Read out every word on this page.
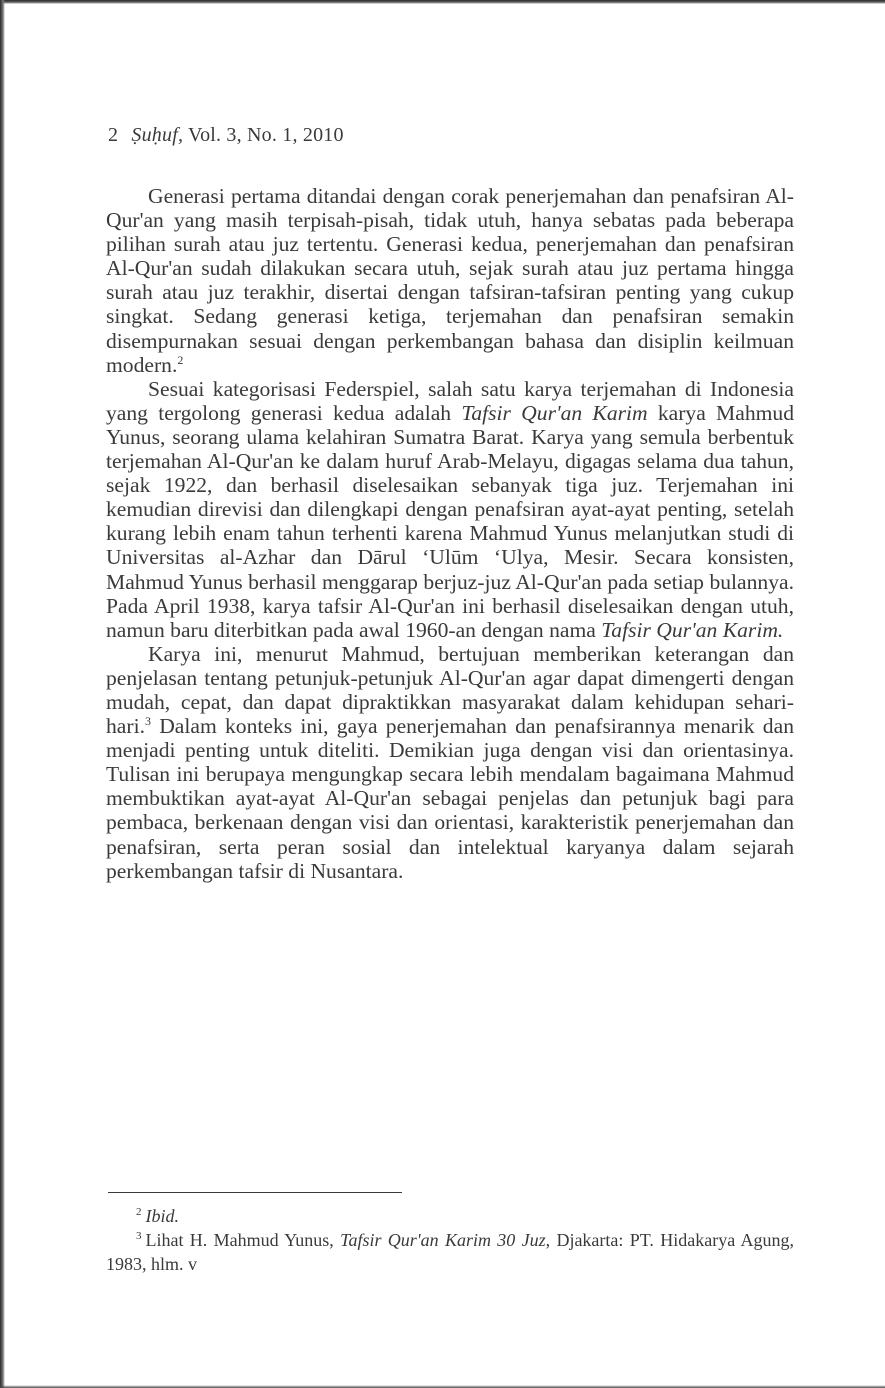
2 Ṣuḥuf, Vol. 3, No. 1, 2010

Generasi pertama ditandai dengan corak penerjemahan dan penafsiran Al-Qur'an yang masih terpisah-pisah, tidak utuh, hanya sebatas pada beberapa pilihan surah atau juz tertentu. Generasi kedua, penerjemahan dan penafsiran Al-Qur'an sudah dilakukan secara utuh, sejak surah atau juz pertama hingga surah atau juz terakhir, disertai dengan tafsiran-tafsiran penting yang cukup singkat. Sedang generasi ketiga, terjemahan dan penafsiran semakin disempurnakan sesuai dengan perkembangan bahasa dan disiplin keilmuan modern.$^2$

Sesuai kategorisasi Federspiel, salah satu karya terjemahan di Indonesia yang tergolong generasi kedua adalah Tafsir Qur'an Karim karya Mahmud Yunus, seorang ulama kelahiran Sumatra Barat. Karya yang semula berbentuk terjemahan Al-Qur'an ke dalam huruf Arab-Melayu, digagas selama dua tahun, sejak 1922, dan berhasil diselesaikan sebanyak tiga juz. Terjemahan ini kemudian direvisi dan dilengkapi dengan penafsiran ayat-ayat penting, setelah kurang lebih enam tahun terhenti karena Mahmud Yunus melanjutkan studi di Universitas al-Azhar dan Dārul ‘Ulūm ‘Ulya, Mesir. Secara konsisten, Mahmud Yunus berhasil menggarap berjuz-juz Al-Qur'an pada setiap bulannya. Pada April 1938, karya tafsir Al-Qur'an ini berhasil diselesaikan dengan utuh, namun baru diterbitkan pada awal 1960-an dengan nama Tafsir Qur'an Karim.

Karya ini, menurut Mahmud, bertujuan memberikan keterangan dan penjelasan tentang petunjuk-petunjuk Al-Qur'an agar dapat dimengerti dengan mudah, cepat, dan dapat dipraktikkan masyarakat dalam kehidupan sehari-hari.$^3$ Dalam konteks ini, gaya penerjemahan dan penafsirannya menarik dan menjadi penting untuk diteliti. Demikian juga dengan visi dan orientasinya. Tulisan ini berupaya mengungkap secara lebih mendalam bagaimana Mahmud membuktikan ayat-ayat Al-Qur'an sebagai penjelas dan petunjuk bagi para pembaca, berkenaan dengan visi dan orientasi, karakteristik penerjemahan dan penafsiran, serta peran sosial dan intelektual karyanya dalam sejarah perkembangan tafsir di Nusantara.

$^2$ Ibid.

$^3$ Lihat H. Mahmud Yunus, Tafsir Qur'an Karim 30 Juz, Djakarta: PT. Hidakarya Agung, 1983, hlm. v
